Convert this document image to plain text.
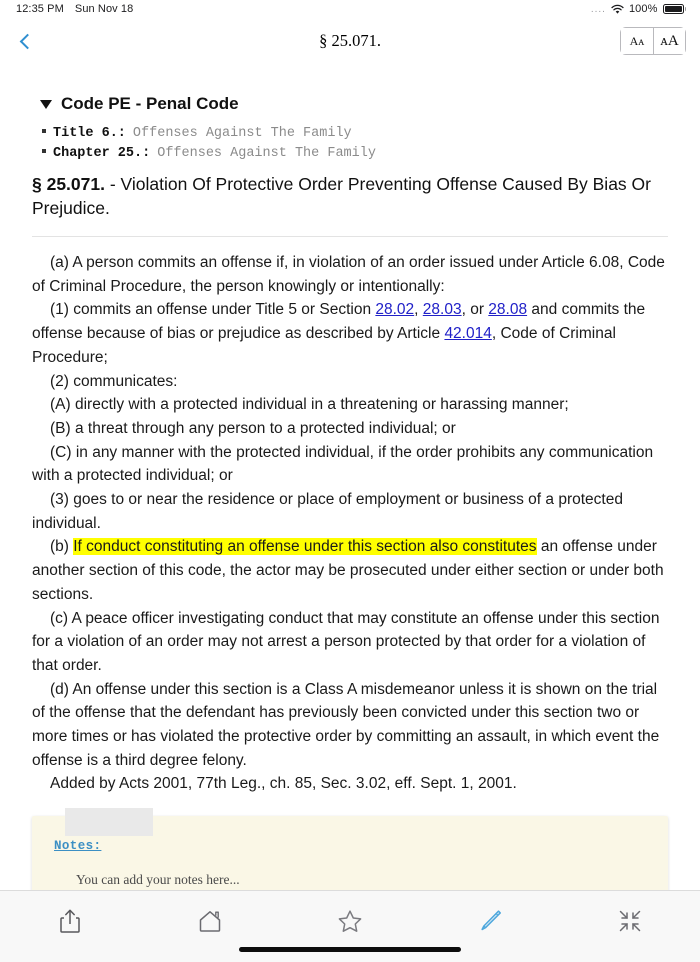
12:35 PM Sun Nov 18	.... 100%
§ 25.071.	Aᴀ ᴀA
Code PE - Penal Code
Title 6.: Offenses Against The Family
Chapter 25.: Offenses Against The Family
§ 25.071. - Violation Of Protective Order Preventing Offense Caused By Bias Or Prejudice.

(a) A person commits an offense if, in violation of an order issued under Article 6.08, Code of Criminal Procedure, the person knowingly or intentionally:

(1) commits an offense under Title 5 or Section 28.02, 28.03, or 28.08 and commits the offense because of bias or prejudice as described by Article 42.014, Code of Criminal Procedure;

(2) communicates:

(A) directly with a protected individual in a threatening or harassing manner;

(B) a threat through any person to a protected individual; or

(C) in any manner with the protected individual, if the order prohibits any communication with a protected individual; or

(3) goes to or near the residence or place of employment or business of a protected individual.

(b) If conduct constituting an offense under this section also constitutes an offense under another section of this code, the actor may be prosecuted under either section or under both sections.

(c) A peace officer investigating conduct that may constitute an offense under this section for a violation of an order may not arrest a person protected by that order for a violation of that order.

(d) An offense under this section is a Class A misdemeanor unless it is shown on the trial of the offense that the defendant has previously been convicted under this section two or more times or has violated the protective order by committing an assault, in which event the offense is a third degree felony.

Added by Acts 2001, 77th Leg., ch. 85, Sec. 3.02, eff. Sept. 1, 2001.

Notes:
You can add your notes here...
